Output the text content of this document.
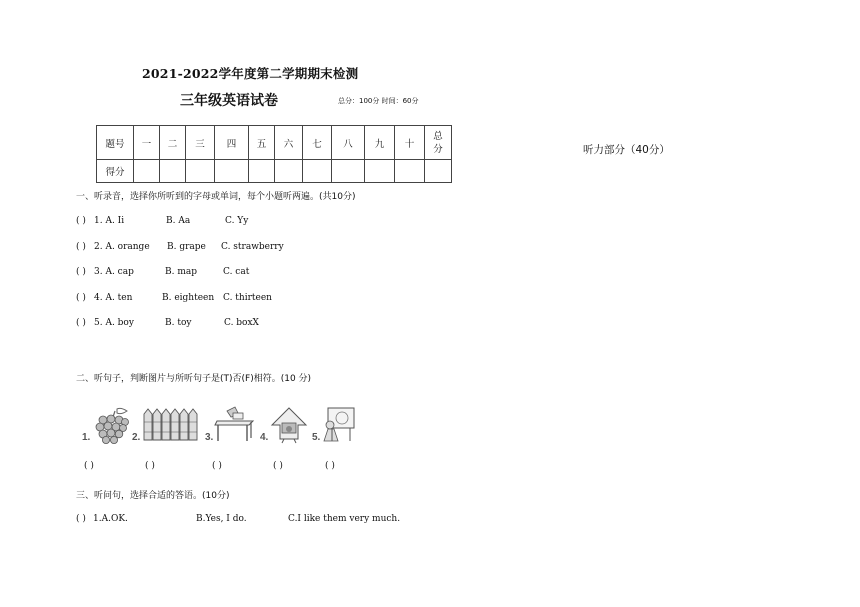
2021-2022学年度第二学期期末检测
三年级英语试卷	总分：100分 时间：60分
听力部分（40分）
题号	一	二	三	四	五	六	七	八	九	十	总
分
得分											
一、听录音，选择你所听到的字母或单词，每个小题听两遍。(共10分)
( ) 1. A. Ii	B. Aa	C. Yy
( ) 2. A. orange B. grape C. strawberry
( ) 3. A. cap	B. map	C. cat
( ) 4. A. ten	B. eighteen C. thirteen
( ) 5. A. boy	B. toy	C. boxX
二、听句子，判断图片与所听句子是(T)否(F)相符。(10 分)
1.	2.	3.	4.	5.
( )	( )	( )	( )	( )
三、听问句，选择合适的答语。(10分)
( ) 1.A.OK.	B.Yes, I do.	C.I like them very much.
